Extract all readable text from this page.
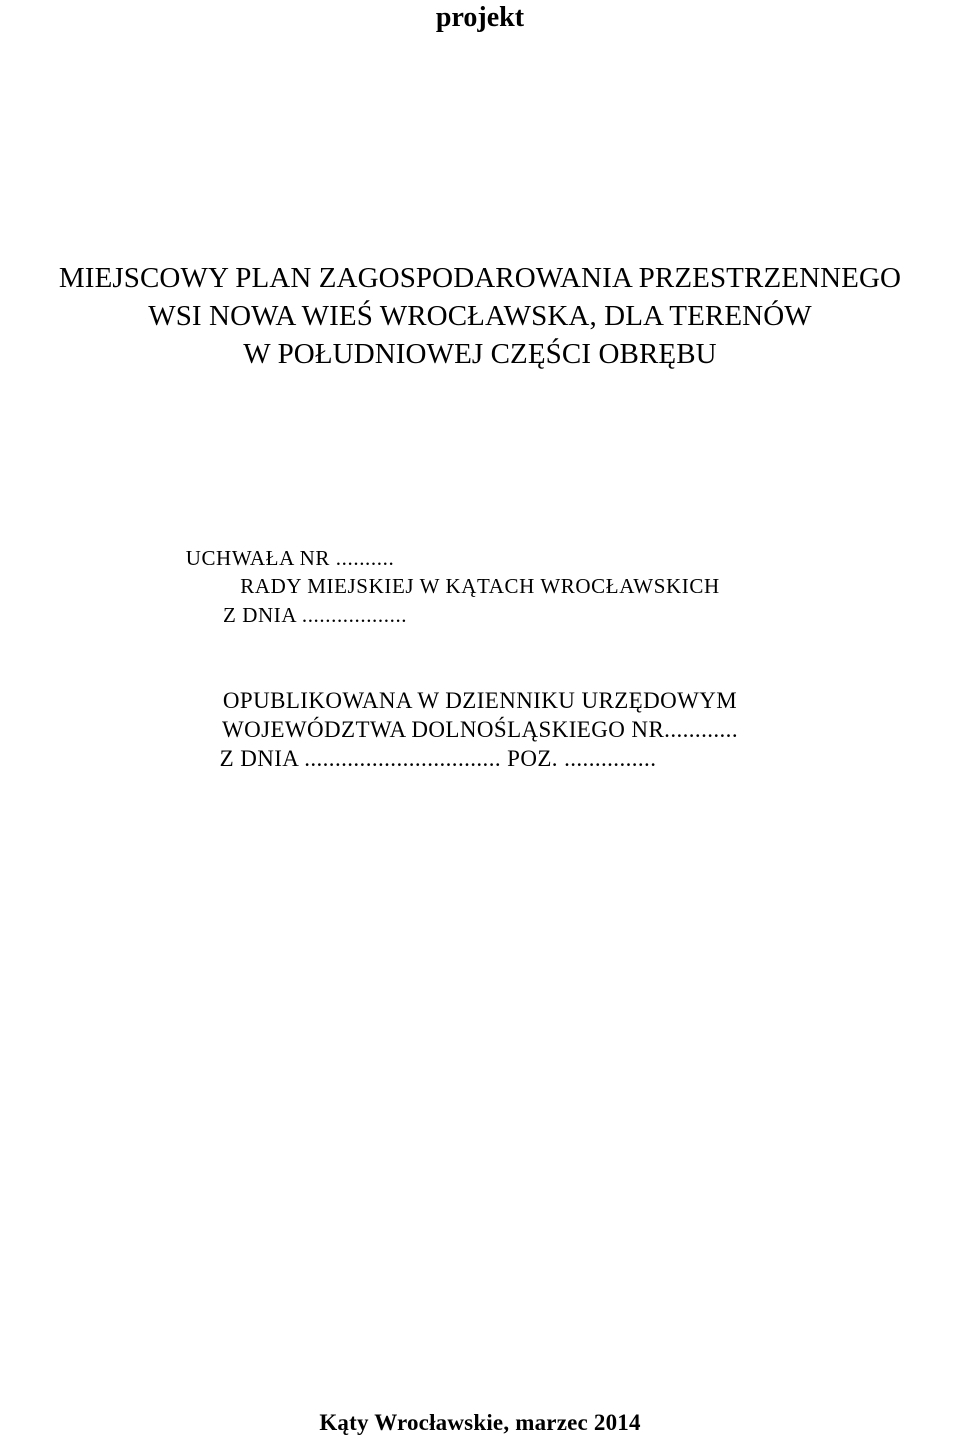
projekt
MIEJSCOWY PLAN ZAGOSPODAROWANIA PRZESTRZENNEGO
WSI NOWA WIEŚ WROCŁAWSKA, DLA TERENÓW
W POŁUDNIOWEJ CZĘŚCI OBRĘBU
UCHWAŁA NR ..........
RADY MIEJSKIEJ W KĄTACH WROCŁAWSKICH
Z DNIA ..................
OPUBLIKOWANA W DZIENNIKU URZĘDOWYM
WOJEWÓDZTWA DOLNOŚLĄSKIEGO NR............
Z DNIA ................................ POZ. ...............
Kąty Wrocławskie, marzec 2014
